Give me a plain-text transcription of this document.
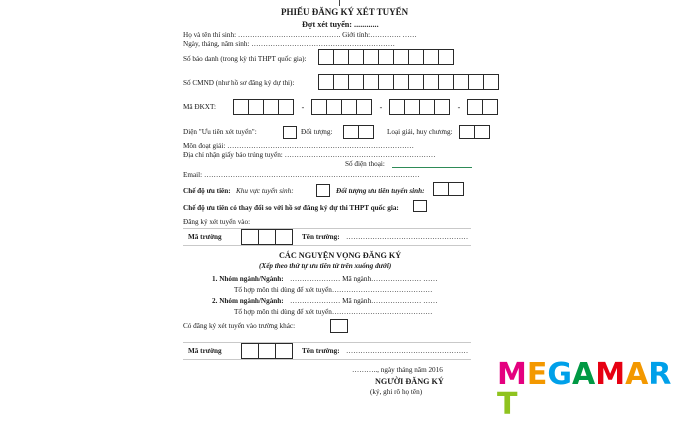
PHIẾU ĐĂNG KÝ XÉT TUYỂN
Đợt xét tuyển: ............
Họ và tên thí sinh: ……………………………………. Giới tính:…………. ……
Ngày, tháng, năm sinh: ……………………………………………………
Số báo danh (trong kỳ thi THPT quốc gia):
Số CMND (như hồ sơ đăng ký dự thi):
Mã ĐKXT:	-	-	-
Diện "Ưu tiên xét tuyển":	Đối tượng:	Loại giải, huy chương:
Môn đoạt giải: ……………………………………………………………………
Địa chỉ nhận giấy báo trúng tuyển: ………………………………………………………
Số điện thoại:
Email: ………………………………………………………………………………
Chế độ ưu tiên: Khu vực tuyển sinh:	Đối tượng ưu tiên tuyển sinh:
Chế độ ưu tiên có thay đổi so với hồ sơ đăng ký dự thi THPT quốc gia:
Đăng ký xét tuyển vào:
Mã trường	Tên trường: ……………………………………………
CÁC NGUYỆN VỌNG ĐĂNG KÝ
(Xếp theo thứ tự ưu tiên từ trên xuống dưới)
1. Nhóm ngành/Ngành: ………………… Mã ngành………………… ……
Tổ hợp môn thi dùng để xét tuyển……………………………………
2. Nhóm ngành/Ngành: ………………… Mã ngành………………… ……
Tổ hợp môn thi dùng để xét tuyển……………………………………
Có đăng ký xét tuyển vào trường khác:
Mã trường	Tên trường: ……………………………………………
……….., ngày tháng năm 2016
NGƯỜI ĐĂNG KÝ
(ký, ghi rõ họ tên) MEGAMART
